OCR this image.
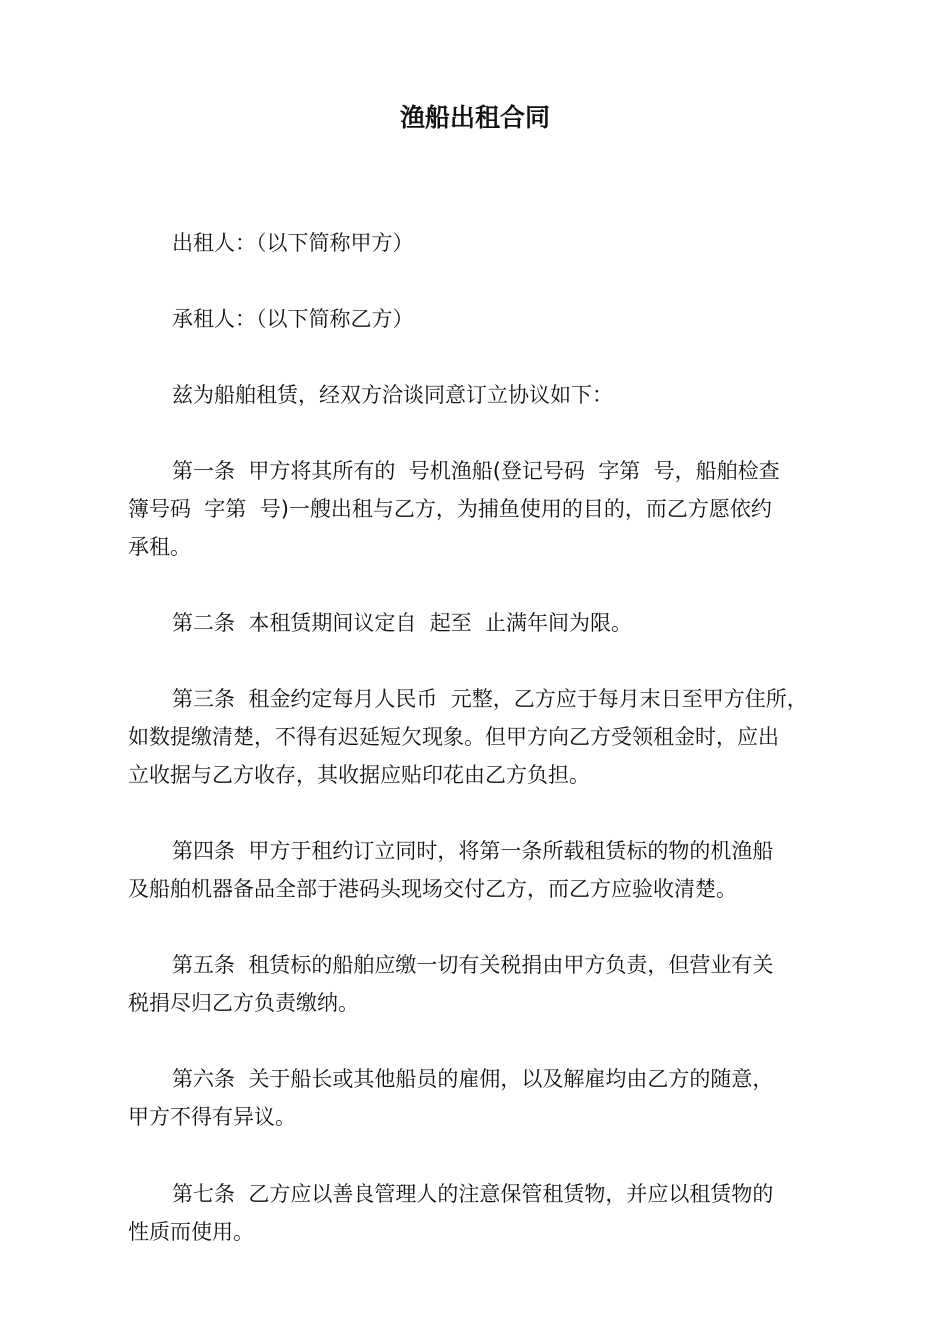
渔船出租合同

出租人：（以下简称甲方）

承租人：（以下简称乙方）

兹为船舶租赁，经双方洽谈同意订立协议如下：

第一条  甲方将其所有的  号机渔船(登记号码  字第  号，船舶检查
簿号码  字第  号)一艘出租与乙方，为捕鱼使用的目的，而乙方愿依约
承租。

第二条  本租赁期间议定自  起至  止满年间为限。

第三条  租金约定每月人民币  元整，乙方应于每月末日至甲方住所，
如数提缴清楚，不得有迟延短欠现象。但甲方向乙方受领租金时，应出
立收据与乙方收存，其收据应贴印花由乙方负担。

第四条  甲方于租约订立同时，将第一条所载租赁标的物的机渔船
及船舶机器备品全部于港码头现场交付乙方，而乙方应验收清楚。

第五条  租赁标的船舶应缴一切有关税捐由甲方负责，但营业有关
税捐尽归乙方负责缴纳。

第六条  关于船长或其他船员的雇佣，以及解雇均由乙方的随意，
甲方不得有异议。

第七条  乙方应以善良管理人的注意保管租赁物，并应以租赁物的
性质而使用。
